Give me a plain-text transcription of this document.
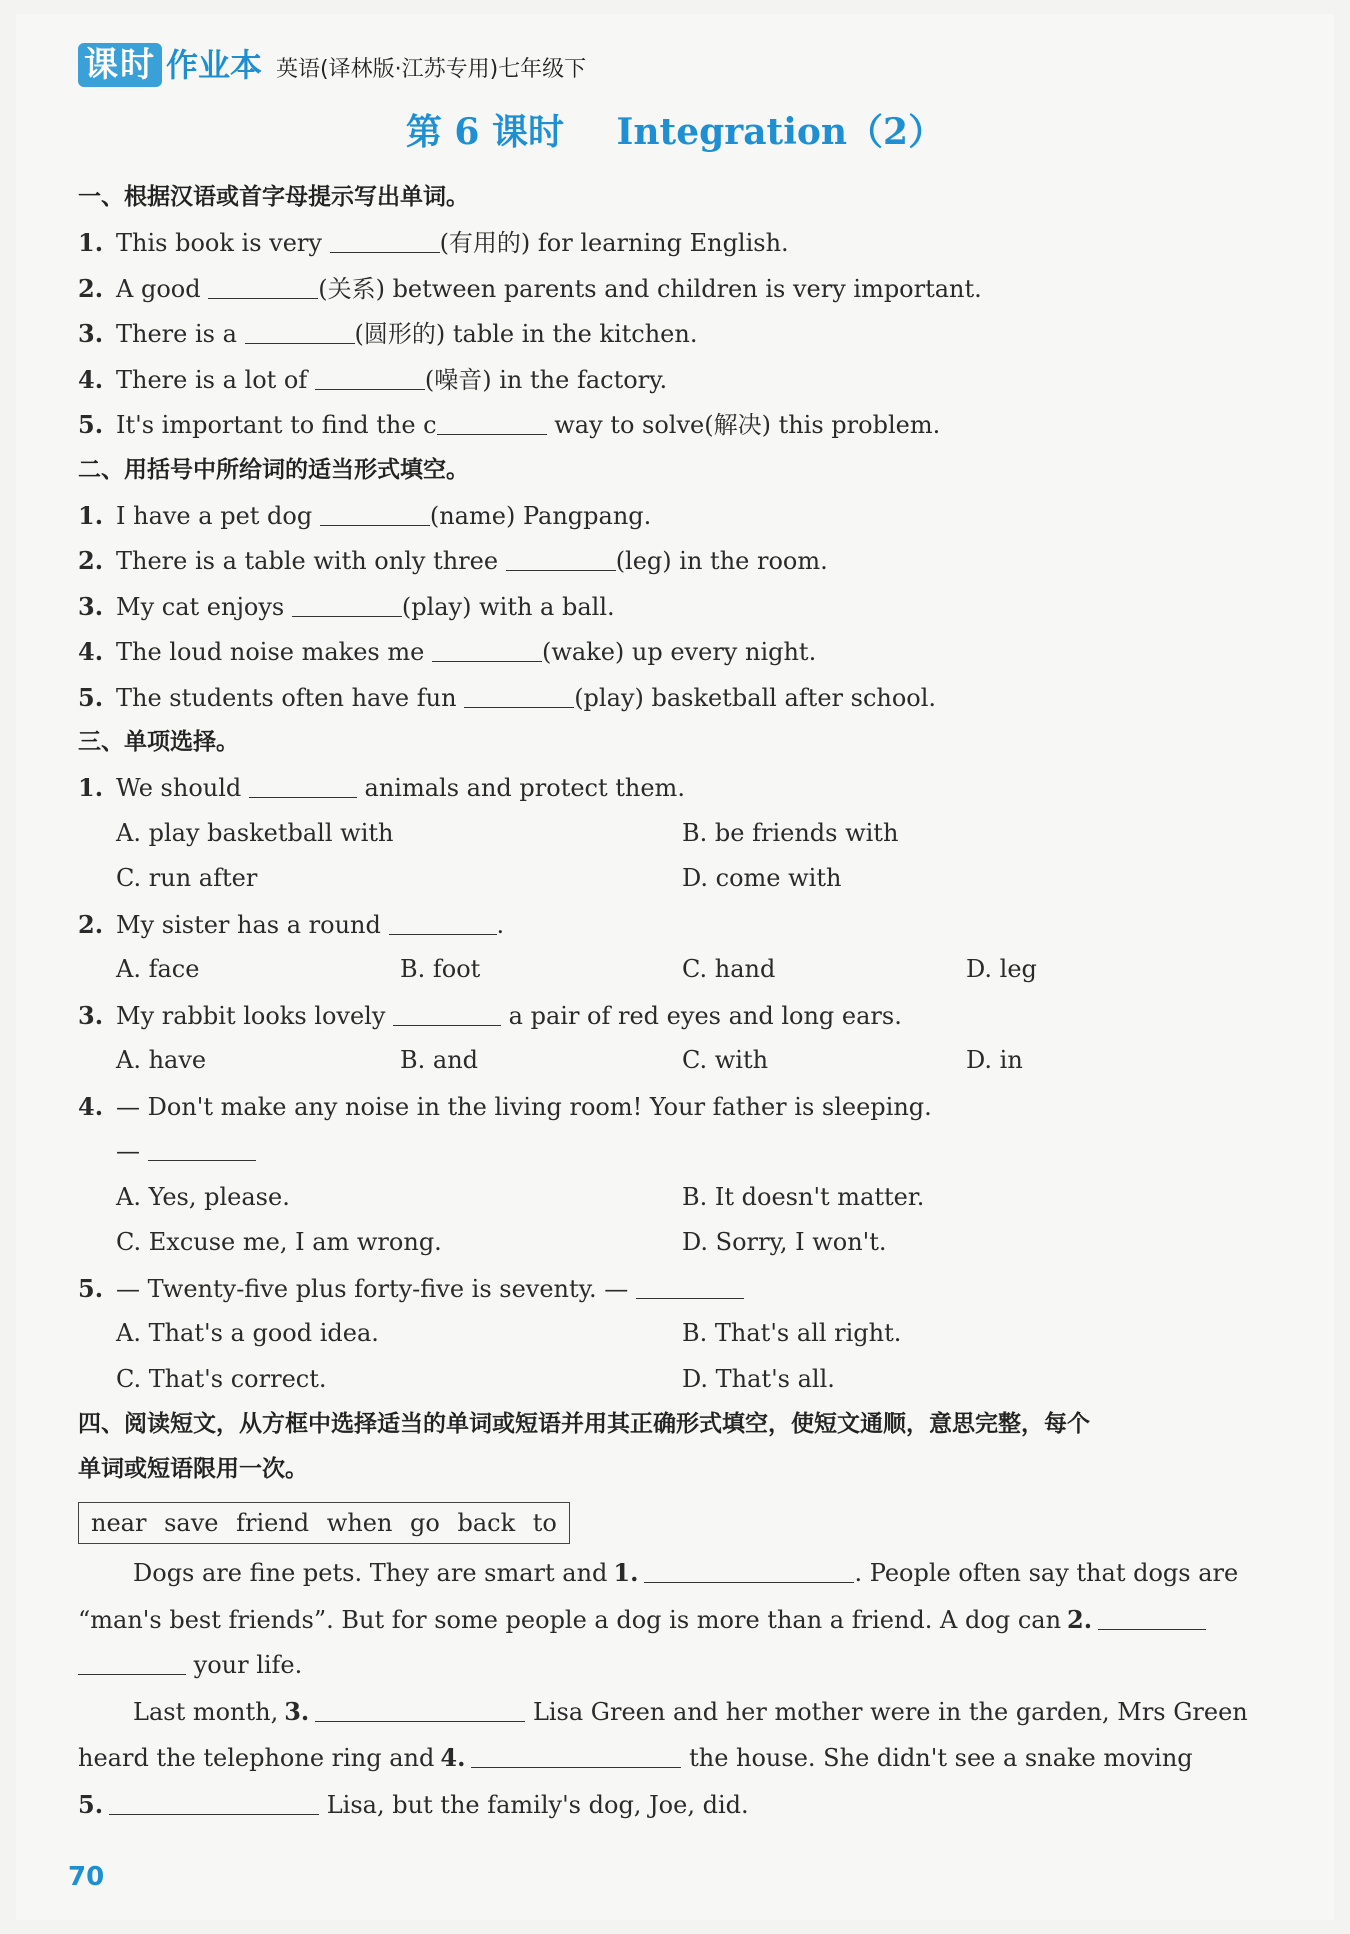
课时 作业本 英语(译林版·江苏专用)七年级下
第 6 课时 Integration（2）
一、根据汉语或首字母提示写出单词。
1. This book is very	(有用的) for learning English.
2. A good	(关系) between parents and children is very important.
3. There is a	(圆形的) table in the kitchen.
4. There is a lot of	(噪音) in the factory.
5. It's important to find the c	way to solve(解决) this problem.
二、用括号中所给词的适当形式填空。
1. I have a pet dog	(name) Pangpang.
2. There is a table with only three	(leg) in the room.
3. My cat enjoys	(play) with a ball.
4. The loud noise makes me	(wake) up every night.
5. The students often have fun	(play) basketball after school.
三、单项选择。
1. We should	animals and protect them.
A. play basketball with	B. be friends with
C. run after	D. come with
2. My sister has a round	.
A. face	B. foot	C. hand	D. leg
3. My rabbit looks lovely	a pair of red eyes and long ears.
A. have	B. and	C. with	D. in
4. — Don't make any noise in the living room! Your father is sleeping.
—
A. Yes, please.	B. It doesn't matter.
C. Excuse me, I am wrong.	D. Sorry, I won't.
5. — Twenty-five plus forty-five is seventy. —
A. That's a good idea.	B. That's all right.
C. That's correct.	D. That's all.
四、阅读短文，从方框中选择适当的单词或短语并用其正确形式填空，使短文通顺，意思完整，每个
单词或短语限用一次。
near save friend when go back to
Dogs are fine pets. They are smart and 1.	. People often say that dogs are
“man's best friends”. But for some people a dog is more than a friend. A dog can 2.
your life.
Last month, 3.	Lisa Green and her mother were in the garden, Mrs Green
heard the telephone ring and 4.	the house. She didn't see a snake moving
5.	Lisa, but the family's dog, Joe, did.
70
